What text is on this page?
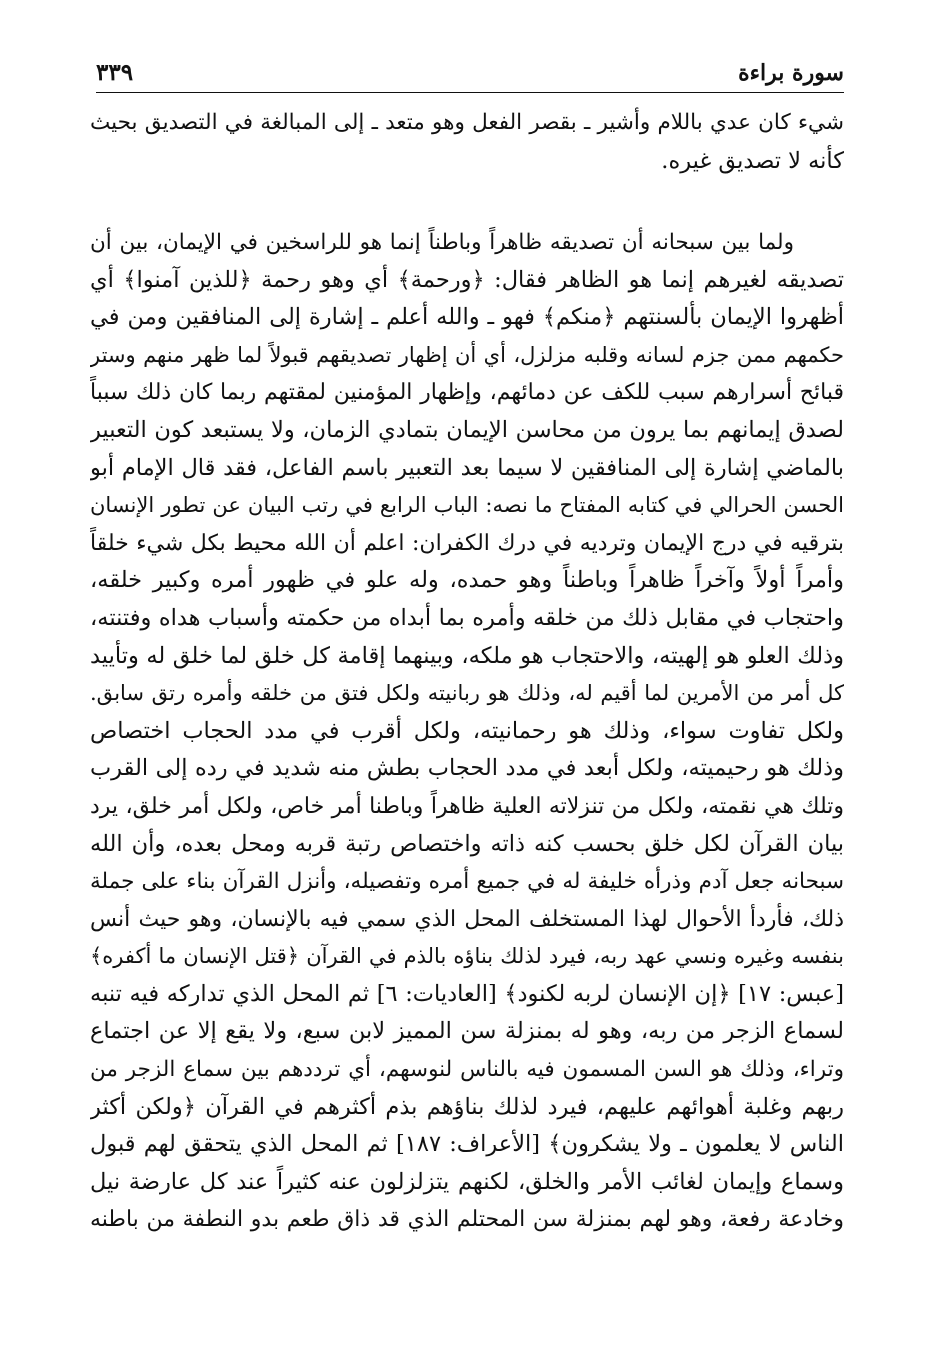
٣٣٩	سورة براءة
شيء كان عدي باللام وأشير ـ بقصر الفعل وهو متعد ـ إلى المبالغة في التصديق بحيث
كأنه لا تصديق غيره.
ولما بين سبحانه أن تصديقه ظاهراً وباطناً إنما هو للراسخين في الإيمان، بين أن
تصديقه لغيرهم إنما هو الظاهر فقال: ﴿ورحمة﴾ أي وهو رحمة ﴿للذين آمنوا﴾ أي
أظهروا الإيمان بألسنتهم ﴿منكم﴾ فهو ـ والله أعلم ـ إشارة إلى المنافقين ومن في
حكمهم ممن جزم لسانه وقلبه مزلزل، أي أن إظهار تصديقهم قبولاً لما ظهر منهم وستر
قبائح أسرارهم سبب للكف عن دمائهم، وإظهار المؤمنين لمقتهم ربما كان ذلك سبباً
لصدق إيمانهم بما يرون من محاسن الإيمان بتمادي الزمان، ولا يستبعد كون التعبير
بالماضي إشارة إلى المنافقين لا سيما بعد التعبير باسم الفاعل، فقد قال الإمام أبو
الحسن الحرالي في كتابه المفتاح ما نصه: الباب الرابع في رتب البيان عن تطور الإنسان
بترقيه في درج الإيمان وترديه في درك الكفران: اعلم أن الله محيط بكل شيء خلقاً
وأمراً أولاً وآخراً ظاهراً وباطناً وهو حمده، وله علو في ظهور أمره وكبير خلقه،
واحتجاب في مقابل ذلك من خلقه وأمره بما أبداه من حكمته وأسباب هداه وفتنته،
وذلك العلو هو إلهيته، والاحتجاب هو ملكه، وبينهما إقامة كل خلق لما خلق له وتأييد
كل أمر من الأمرين لما أقيم له، وذلك هو ربانيته ولكل فتق من خلقه وأمره رتق سابق.
ولكل تفاوت سواء، وذلك هو رحمانيته، ولكل أقرب في مدد الحجاب اختصاص
وذلك هو رحيميته، ولكل أبعد في مدد الحجاب بطش منه شديد في رده إلى القرب
وتلك هي نقمته، ولكل من تنزلاته العلية ظاهراً وباطنا أمر خاص، ولكل أمر خلق، يرد
بيان القرآن لكل خلق بحسب كنه ذاته واختصاص رتبة قربه ومحل بعده، وأن الله
سبحانه جعل آدم وذرأه خليفة له في جميع أمره وتفصيله، وأنزل القرآن بناء على جملة
ذلك، فأردأ الأحوال لهذا المستخلف المحل الذي سمي فيه بالإنسان، وهو حيث أنس
بنفسه وغيره ونسي عهد ربه، فيرد لذلك بناؤه بالذم في القرآن ﴿قتل الإنسان ما أكفره﴾
[عبس: ١٧] ﴿إن الإنسان لربه لكنود﴾ [العاديات: ٦] ثم المحل الذي تداركه فيه تنبه
لسماع الزجر من ربه، وهو له بمنزلة سن المميز لابن سبع، ولا يقع إلا عن اجتماع
وتراء، وذلك هو السن المسمون فيه بالناس لنوسهم، أي ترددهم بين سماع الزجر من
ربهم وغلبة أهوائهم عليهم، فيرد لذلك بناؤهم بذم أكثرهم في القرآن ﴿ولكن أكثر
الناس لا يعلمون ـ ولا يشكرون﴾ [الأعراف: ١٨٧] ثم المحل الذي يتحقق لهم قبول
وسماع وإيمان لغائب الأمر والخلق، لكنهم يتزلزلون عنه كثيراً عند كل عارضة نيل
وخادعة رفعة، وهو لهم بمنزلة سن المحتلم الذي قد ذاق طعم بدو النطفة من باطنه
